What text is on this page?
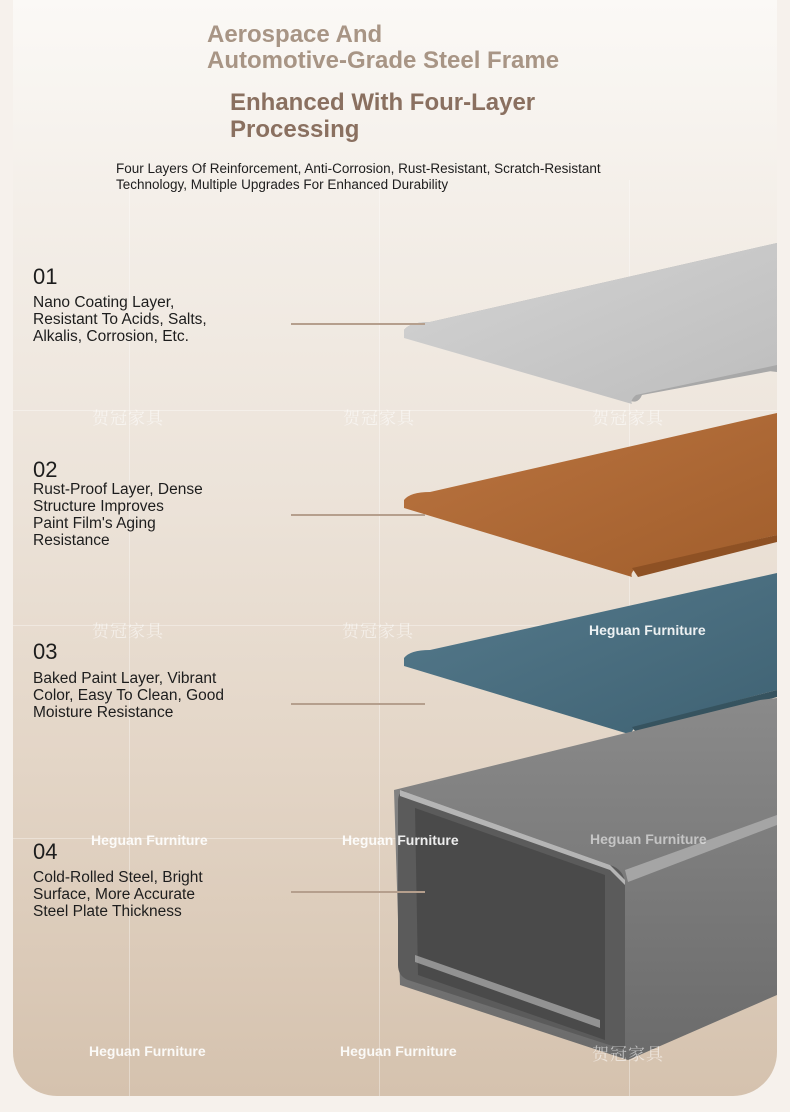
贺冠家具	贺冠家具	贺冠家具
贺冠家具	贺冠家具	Heguan Furniture
Heguan Furniture	Heguan Furniture	Heguan Furniture
Heguan Furniture	Heguan Furniture	贺冠家具
Aerospace And
Automotive-Grade Steel Frame
Enhanced With Four-Layer
Processing
Four Layers Of Reinforcement, Anti-Corrosion, Rust-Resistant, Scratch-Resistant
Technology, Multiple Upgrades For Enhanced Durability
01
Nano Coating Layer,
Resistant To Acids, Salts,
Alkalis, Corrosion, Etc.
02
Rust-Proof Layer, Dense
Structure Improves
Paint Film's Aging
Resistance
03
Baked Paint Layer, Vibrant
Color, Easy To Clean, Good
Moisture Resistance
04
Cold-Rolled Steel, Bright
Surface, More Accurate
Steel Plate Thickness
